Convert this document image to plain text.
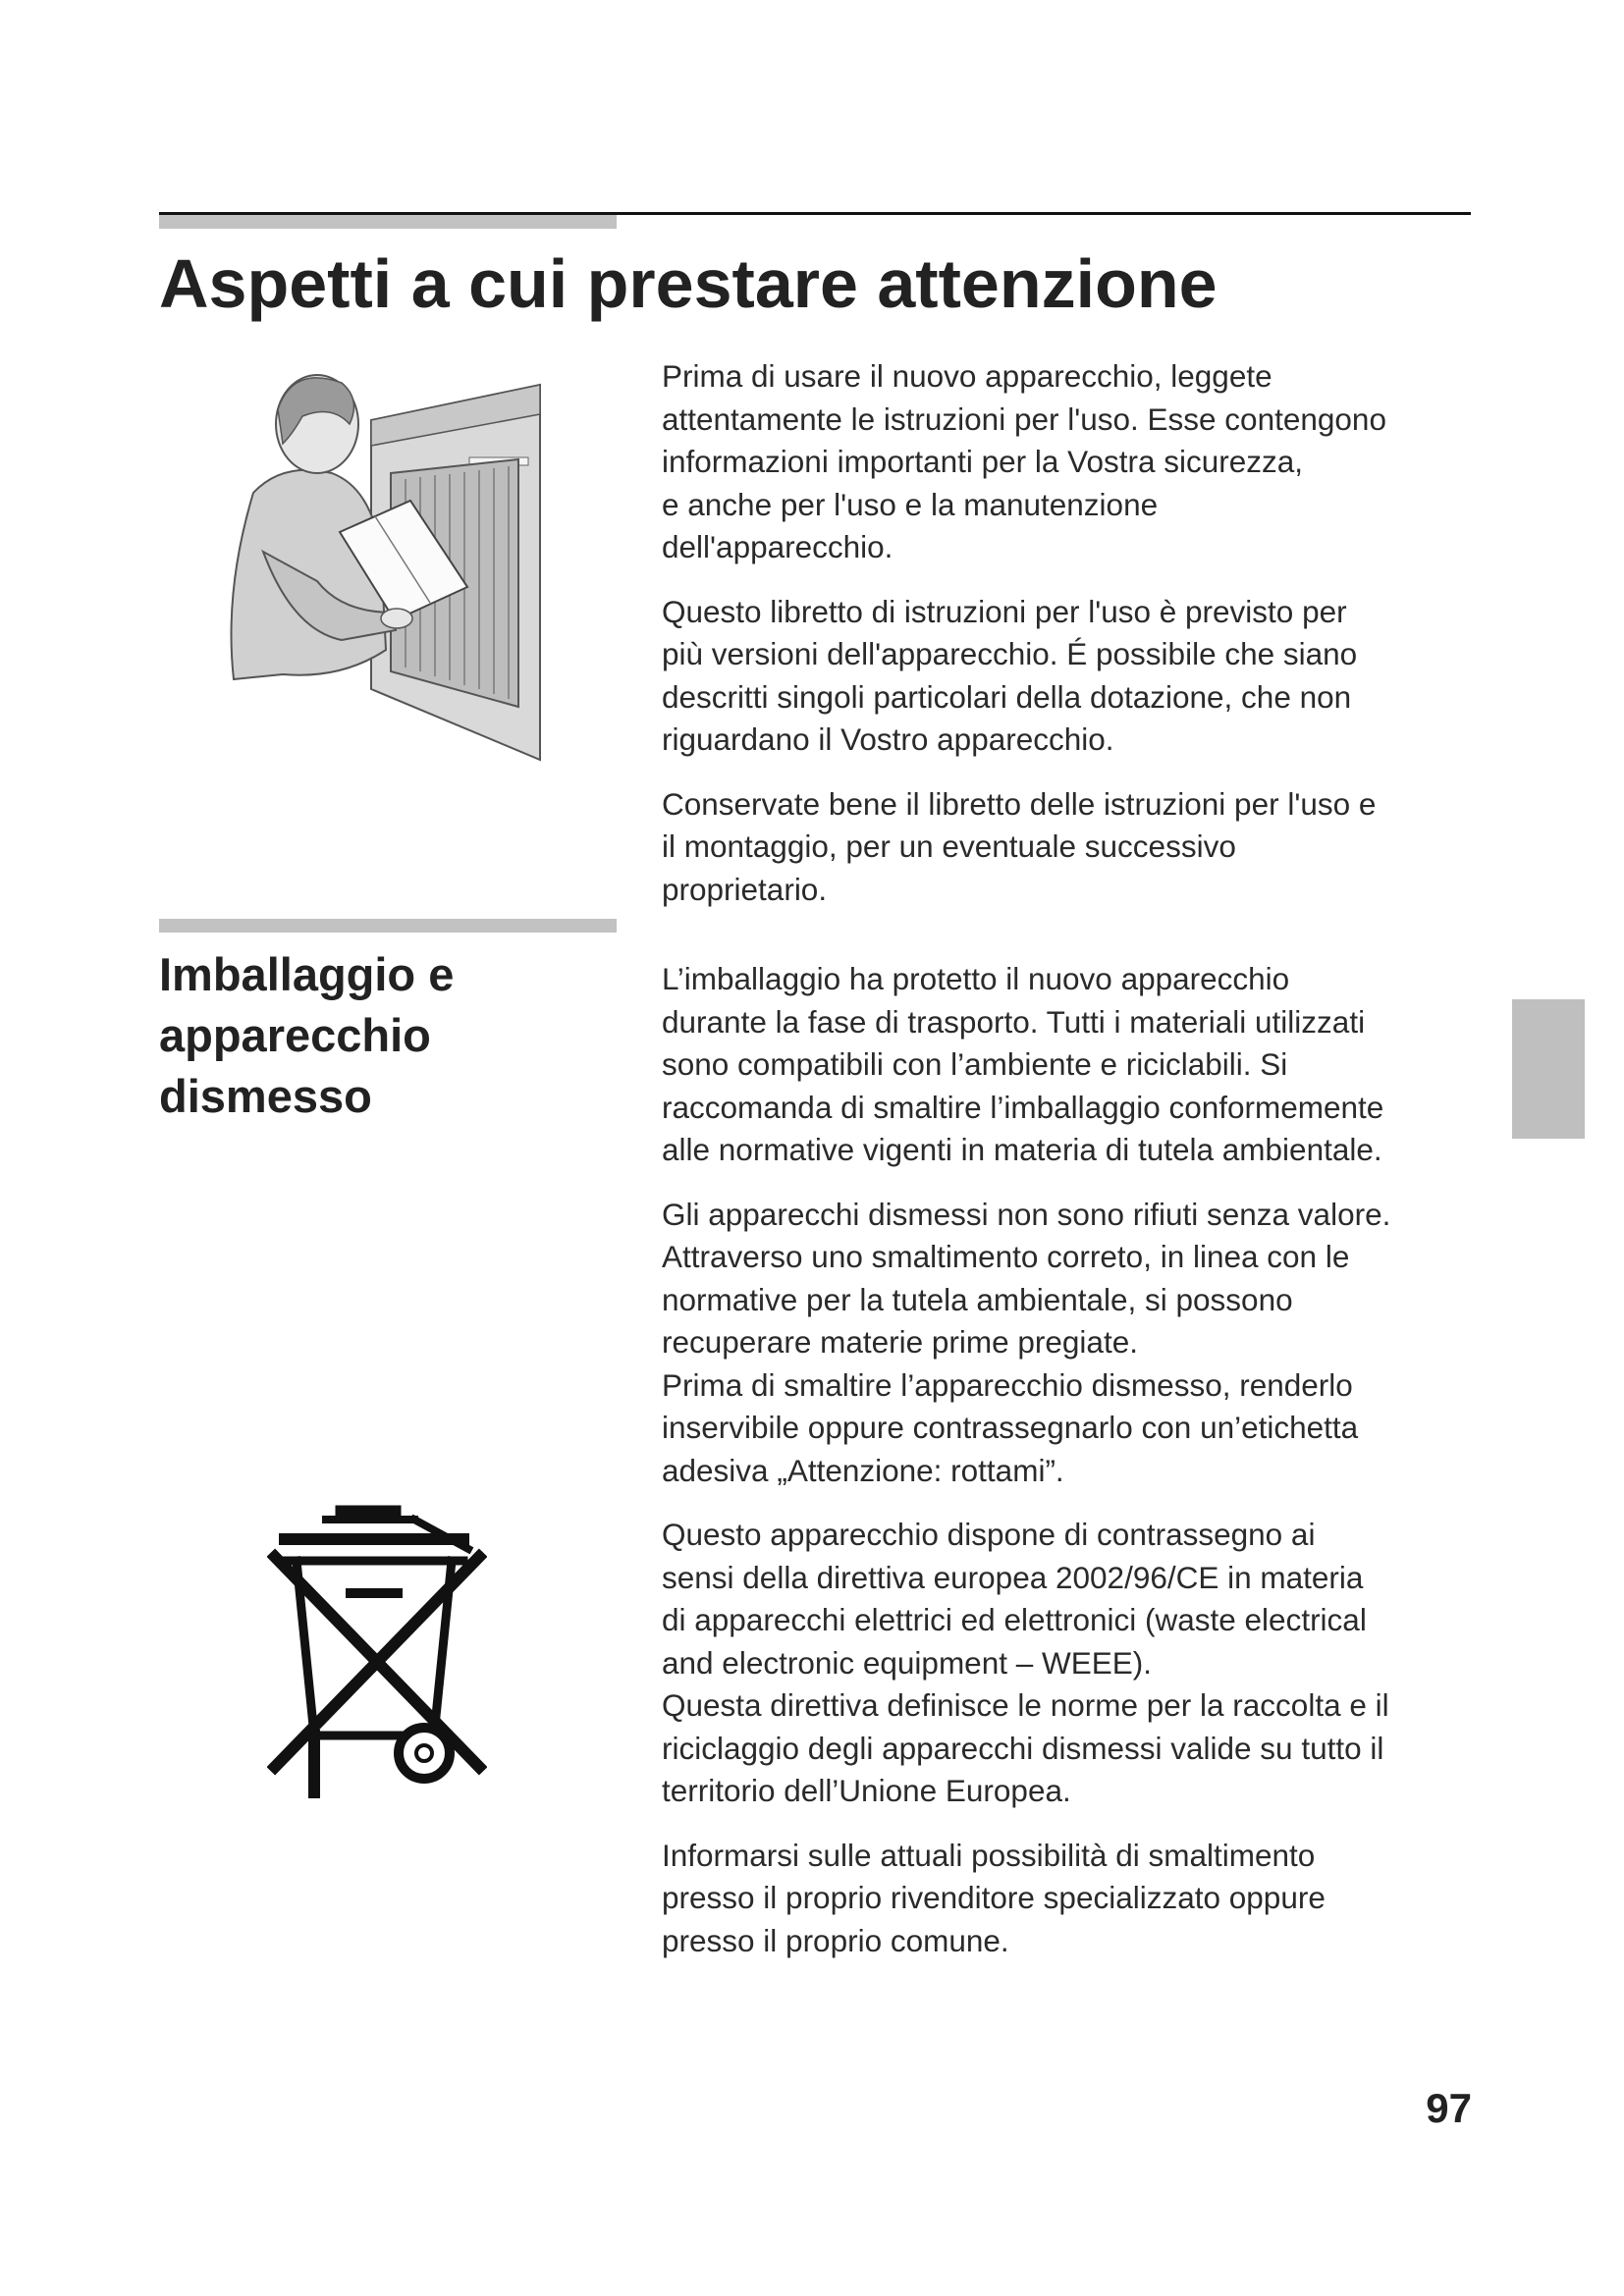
Aspetti a cui prestare attenzione

Prima di usare il nuovo apparecchio, leggete
attentamente le istruzioni per l'uso. Esse contengono
informazioni importanti per la Vostra sicurezza,
e anche per l'uso e la manutenzione
dell'apparecchio.

Questo libretto di istruzioni per l'uso è previsto per
più versioni dell'apparecchio. É possibile che siano
descritti singoli particolari della dotazione, che non
riguardano il Vostro apparecchio.

Conservate bene il libretto delle istruzioni per l'uso e
il montaggio, per un eventuale successivo
proprietario.

Imballaggio e
apparecchio
dismesso

L’imballaggio ha protetto il nuovo apparecchio
durante la fase di trasporto. Tutti i materiali utilizzati
sono compatibili con l’ambiente e riciclabili. Si
raccomanda di smaltire l’imballaggio conformemente
alle normative vigenti in materia di tutela ambientale.

Gli apparecchi dismessi non sono rifiuti senza valore.
Attraverso uno smaltimento correto, in linea con le
normative per la tutela ambientale, si possono
recuperare materie prime pregiate.
Prima di smaltire l’apparecchio dismesso, renderlo
inservibile oppure contrassegnarlo con un’etichetta
adesiva „Attenzione: rottami”.

Questo apparecchio dispone di contrassegno ai
sensi della direttiva europea 2002/96/CE in materia
di apparecchi elettrici ed elettronici (waste electrical
and electronic equipment – WEEE).
Questa direttiva definisce le norme per la raccolta e il
riciclaggio degli apparecchi dismessi valide su tutto il
territorio dell’Unione Europea.

Informarsi sulle attuali possibilità di smaltimento
presso il proprio rivenditore specializzato oppure
presso il proprio comune.

97
